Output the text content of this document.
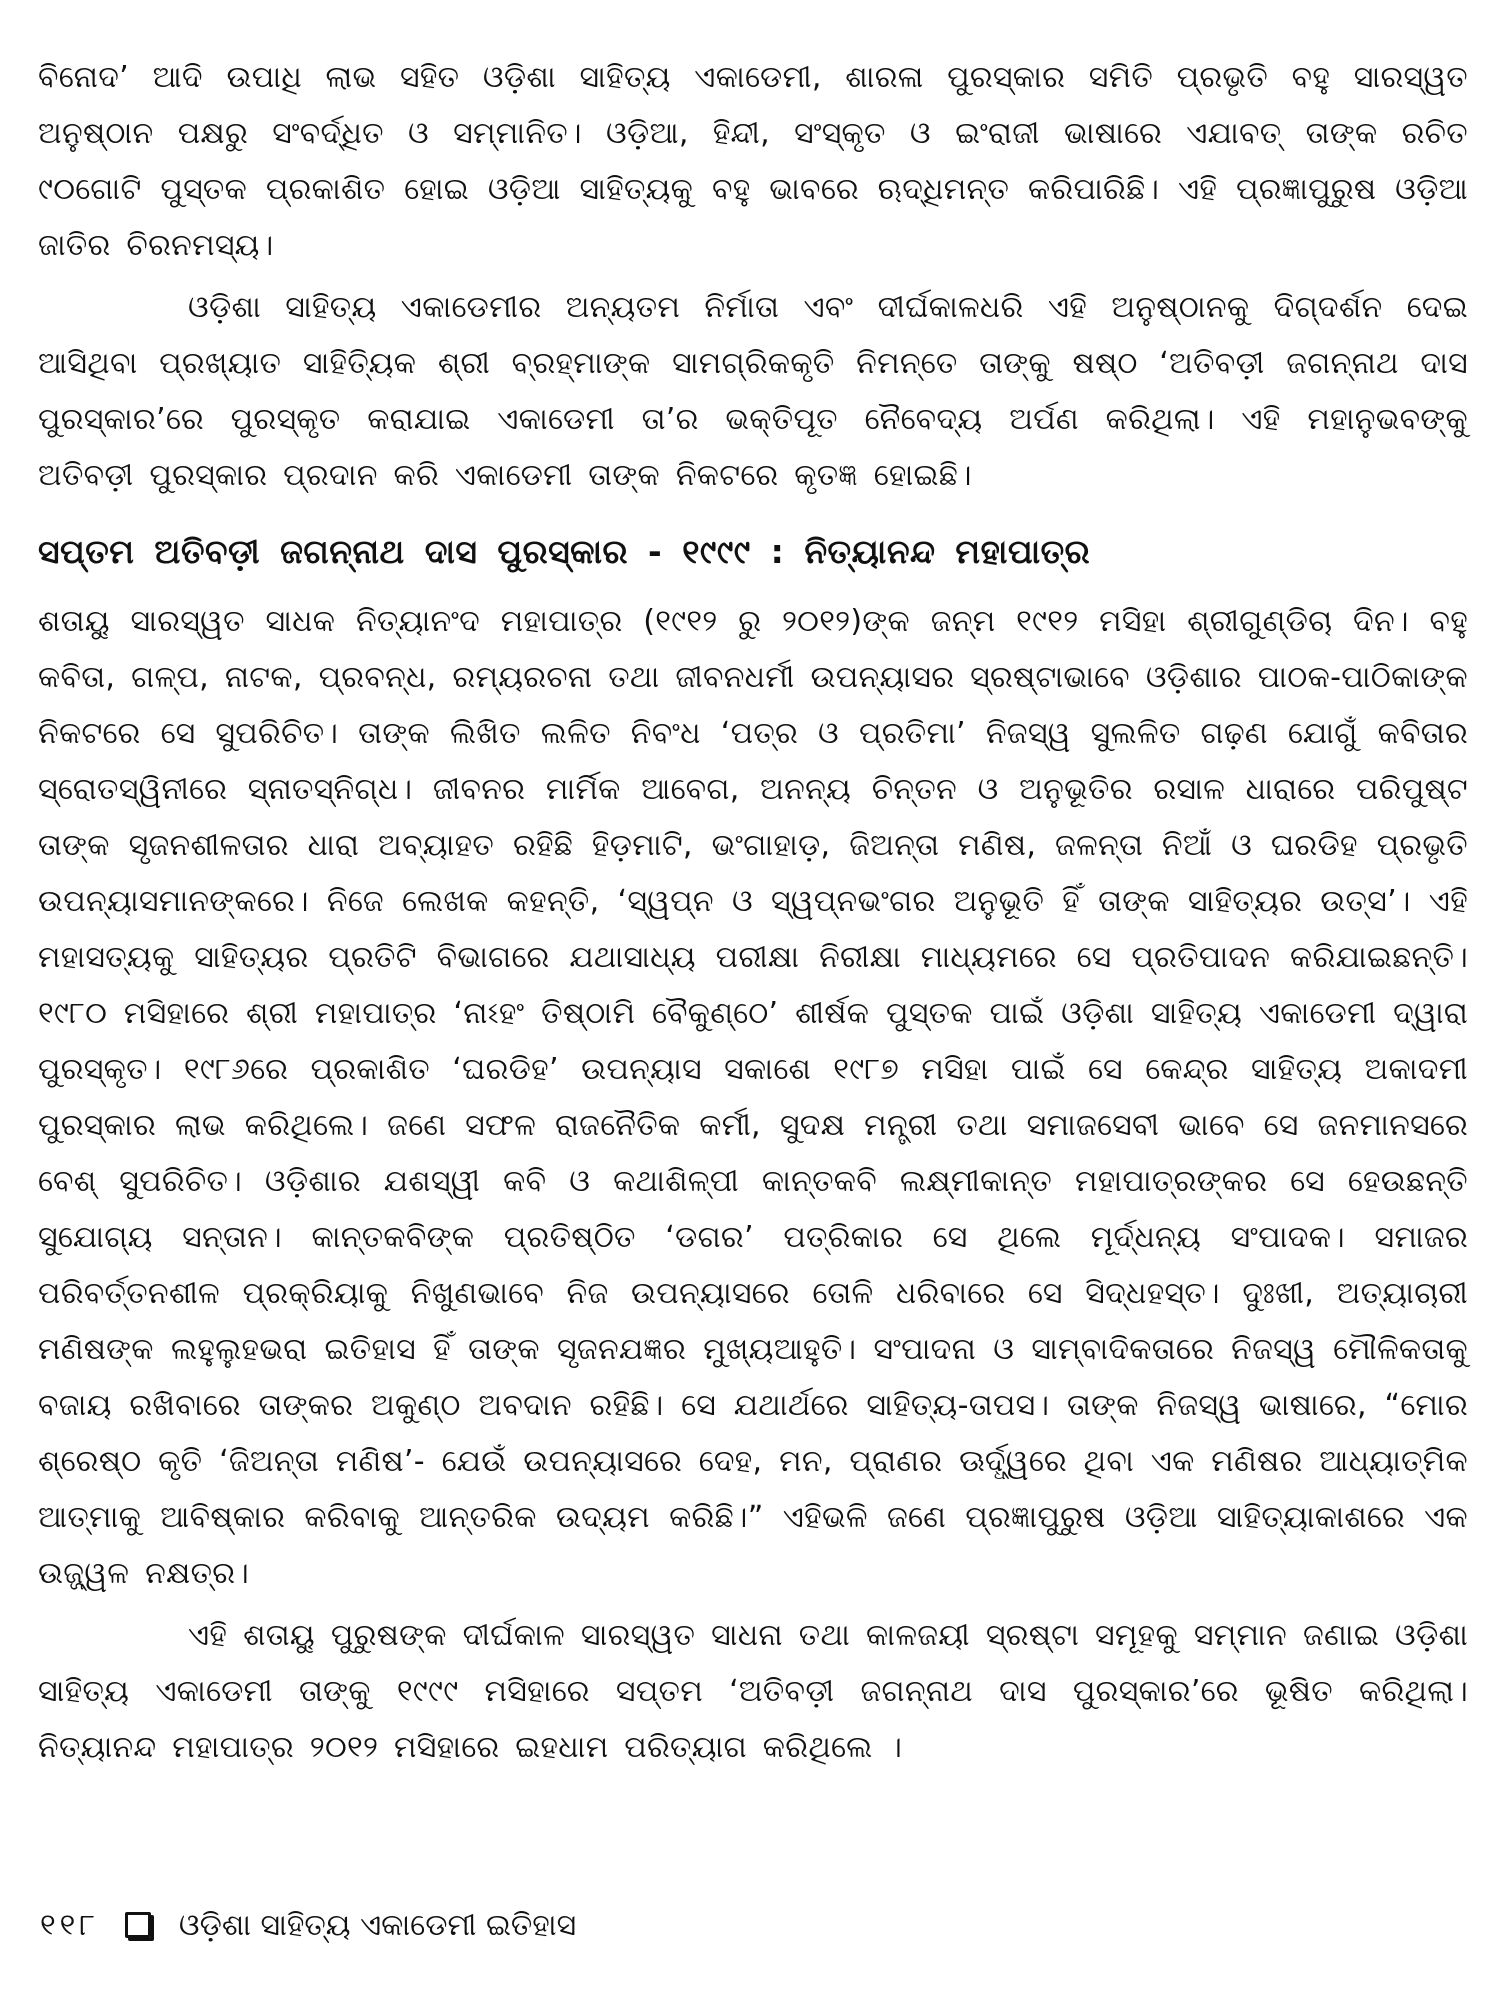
ବିନୋଦ’ ଆଦି ଉପାଧି ଲାଭ ସହିତ ଓଡ଼ିଶା ସାହିତ୍ୟ ଏକାଡେମୀ, ଶାରଳା ପୁରସ୍କାର ସମିତି ପ୍ରଭୃତି ବହୁ ସାରସ୍ୱତ ଅନୁଷ୍ଠାନ ପକ୍ଷରୁ ସଂବର୍ଦ୍ଧିତ ଓ ସମ୍ମାନିତ। ଓଡ଼ିଆ, ହିନ୍ଦୀ, ସଂସ୍କୃତ ଓ ଇଂରାଜୀ ଭାଷାରେ ଏଯାବତ୍ ତାଙ୍କ ରଚିତ ୯୦ଗୋଟି ପୁସ୍ତକ ପ୍ରକାଶିତ ହୋଇ ଓଡ଼ିଆ ସାହିତ୍ୟକୁ ବହୁ ଭାବରେ ଋଦ୍ଧିମନ୍ତ କରିପାରିଛି। ଏହି ପ୍ରଜ୍ଞାପୁରୁଷ ଓଡ଼ିଆ ଜାତିର ଚିରନମସ୍ୟ।

ଓଡ଼ିଶା ସାହିତ୍ୟ ଏକାଡେମୀର ଅନ୍ୟତମ ନିର୍ମାତା ଏବଂ ଦୀର୍ଘକାଳଧରି ଏହି ଅନୁଷ୍ଠାନକୁ ଦିଗ୍‌ଦର୍ଶନ ଦେଇ ଆସିଥିବା ପ୍ରଖ୍ୟାତ ସାହିତ୍ୟିକ ଶ୍ରୀ ବ୍ରହ୍ମାଙ୍କ ସାମଗ୍ରିକକୃତି ନିମନ୍ତେ ତାଙ୍କୁ ଷଷ୍ଠ ‘ଅତିବଡ଼ୀ ଜଗନ୍ନାଥ ଦାସ ପୁରସ୍କାର’ରେ ପୁରସ୍କୃତ କରାଯାଇ ଏକାଡେମୀ ତା’ର ଭକ୍ତିପୂତ ନୈବେଦ୍ୟ ଅର୍ପଣ କରିଥିଲା। ଏହି ମହାନୁଭବଙ୍କୁ ଅତିବଡ଼ୀ ପୁରସ୍କାର ପ୍ରଦାନ କରି ଏକାଡେମୀ ତାଙ୍କ ନିକଟରେ କୃତଜ୍ଞ ହୋଇଛି।

ସପ୍ତମ ଅତିବଡ଼ୀ ଜଗନ୍ନାଥ ଦାସ ପୁରସ୍କାର - ୧୯୯୯ : ନିତ୍ୟାନନ୍ଦ ମହାପାତ୍ର

ଶତାୟୁ ସାରସ୍ୱତ ସାଧକ ନିତ୍ୟାନଂଦ ମହାପାତ୍ର (୧୯୧୨ ରୁ ୨୦୧୨)ଙ୍କ ଜନ୍ମ ୧୯୧୨ ମସିହା ଶ୍ରୀଗୁଣ୍ଡିଚା ଦିନ। ବହୁ କବିତା, ଗଳ୍ପ, ନାଟକ, ପ୍ରବନ୍ଧ, ରମ୍ୟରଚନା ତଥା ଜୀବନଧର୍ମୀ ଉପନ୍ୟାସର ସ୍ରଷ୍ଟାଭାବେ ଓଡ଼ିଶାର ପାଠକ-ପାଠିକାଙ୍କ ନିକଟରେ ସେ ସୁପରିଚିତ। ତାଙ୍କ ଲିଖିତ ଲଳିତ ନିବଂଧ ‘ପତ୍ର ଓ ପ୍ରତିମା’ ନିଜସ୍ୱ ସୁଲଳିତ ଗଢ଼ଣ ଯୋଗୁଁ କବିତାର ସ୍ରୋତସ୍ୱିନୀରେ ସ୍ନାତସ୍ନିଗ୍ଧ। ଜୀବନର ମାର୍ମିକ ଆବେଗ, ଅନନ୍ୟ ଚିନ୍ତନ ଓ ଅନୁଭୂତିର ରସାଳ ଧାରାରେ ପରିପୁଷ୍ଟ ତାଙ୍କ ସୃଜନଶୀଳତାର ଧାରା ଅବ୍ୟାହତ ରହିଛି ହିଡ଼ମାଟି, ଭଂଗାହାଡ଼, ଜିଅନ୍ତା ମଣିଷ, ଜଳନ୍ତା ନିଆଁ ଓ ଘରଡିହ ପ୍ରଭୃତି ଉପନ୍ୟାସମାନଙ୍କରେ। ନିଜେ ଲେଖକ କହନ୍ତି, ‘ସ୍ୱପ୍ନ ଓ ସ୍ୱପ୍ନଭଂଗର ଅନୁଭୂତି ହିଁ ତାଙ୍କ ସାହିତ୍ୟର ଉତ୍ସ’। ଏହି ମହାସତ୍ୟକୁ ସାହିତ୍ୟର ପ୍ରତିଟି ବିଭାଗରେ ଯଥାସାଧ୍ୟ ପରୀକ୍ଷା ନିରୀକ୍ଷା ମାଧ୍ୟମରେ ସେ ପ୍ରତିପାଦନ କରିଯାଇଛନ୍ତି। ୧୯୮୦ ମସିହାରେ ଶ୍ରୀ ମହାପାତ୍ର ‘ନାଽହଂ ତିଷ୍ଠାମି ବୈକୁଣ୍ଠେ’ ଶୀର୍ଷକ ପୁସ୍ତକ ପାଇଁ ଓଡ଼ିଶା ସାହିତ୍ୟ ଏକାଡେମୀ ଦ୍ୱାରା ପୁରସ୍କୃତ। ୧୯୮୬ରେ ପ୍ରକାଶିତ ‘ଘରଡିହ’ ଉପନ୍ୟାସ ସକାଶେ ୧୯୮୭ ମସିହା ପାଇଁ ସେ କେନ୍ଦ୍ର ସାହିତ୍ୟ ଅକାଦମୀ ପୁରସ୍କାର ଲାଭ କରିଥିଲେ। ଜଣେ ସଫଳ ରାଜନୈତିକ କର୍ମୀ, ସୁଦକ୍ଷ ମନ୍ତ୍ରୀ ତଥା ସମାଜସେବୀ ଭାବେ ସେ ଜନମାନସରେ ବେଶ୍ ସୁପରିଚିତ। ଓଡ଼ିଶାର ଯଶସ୍ୱୀ କବି ଓ କଥାଶିଳ୍ପୀ କାନ୍ତକବି ଲକ୍ଷ୍ମୀକାନ୍ତ ମହାପାତ୍ରଙ୍କର ସେ ହେଉଛନ୍ତି ସୁଯୋଗ୍ୟ ସନ୍ତାନ। କାନ୍ତକବିଙ୍କ ପ୍ରତିଷ୍ଠିତ ‘ଡଗର’ ପତ୍ରିକାର ସେ ଥିଲେ ମୂର୍ଦ୍ଧନ୍ୟ ସଂପାଦକ। ସମାଜର ପରିବର୍ତ୍ତନଶୀଳ ପ୍ରକ୍ରିୟାକୁ ନିଖୁଣଭାବେ ନିଜ ଉପନ୍ୟାସରେ ତୋଳି ଧରିବାରେ ସେ ସିଦ୍ଧହସ୍ତ। ଦୁଃଖୀ, ଅତ୍ୟାଚାରୀ ମଣିଷଙ୍କ ଲହୁଲୁହଭରା ଇତିହାସ ହିଁ ତାଙ୍କ ସୃଜନଯଜ୍ଞର ମୁଖ୍ୟଆହୁତି। ସଂପାଦନା ଓ ସାମ୍ବାଦିକତାରେ ନିଜସ୍ୱ ମୌଳିକତାକୁ ବଜାୟ ରଖିବାରେ ତାଙ୍କର ଅକୁଣ୍ଠ ଅବଦାନ ରହିଛି। ସେ ଯଥାର୍ଥରେ ସାହିତ୍ୟ-ତାପସ। ତାଙ୍କ ନିଜସ୍ୱ ଭାଷାରେ, “ମୋର ଶ୍ରେଷ୍ଠ କୃତି ‘ଜିଅନ୍ତା ମଣିଷ’- ଯେଉଁ ଉପନ୍ୟାସରେ ଦେହ, ମନ, ପ୍ରାଣର ଊର୍ଦ୍ଧ୍ୱରେ ଥିବା ଏକ ମଣିଷର ଆଧ୍ୟାତ୍ମିକ ଆତ୍ମାକୁ ଆବିଷ୍କାର କରିବାକୁ ଆନ୍ତରିକ ଉଦ୍ୟମ କରିଛି।” ଏହିଭଳି ଜଣେ ପ୍ରଜ୍ଞାପୁରୁଷ ଓଡ଼ିଆ ସାହିତ୍ୟାକାଶରେ ଏକ ଉଜ୍ଜ୍ୱଳ ନକ୍ଷତ୍ର।

ଏହି ଶତାୟୁ ପୁରୁଷଙ୍କ ଦୀର୍ଘକାଳ ସାରସ୍ୱତ ସାଧନା ତଥା କାଳଜୟୀ ସ୍ରଷ୍ଟା ସମୂହକୁ ସମ୍ମାନ ଜଣାଇ ଓଡ଼ିଶା ସାହିତ୍ୟ ଏକାଡେମୀ ତାଙ୍କୁ ୧୯୯୯ ମସିହାରେ ସପ୍ତମ ‘ଅତିବଡ଼ୀ ଜଗନ୍ନାଥ ଦାସ ପୁରସ୍କାର’ରେ ଭୂଷିତ କରିଥିଲା। ନିତ୍ୟାନନ୍ଦ ମହାପାତ୍ର ୨୦୧୨ ମସିହାରେ ଇହଧାମ ପରିତ୍ୟାଗ କରିଥିଲେ ।

୧୧୮	ଓଡ଼ିଶା ସାହିତ୍ୟ ଏକାଡେମୀ ଇତିହାସ
